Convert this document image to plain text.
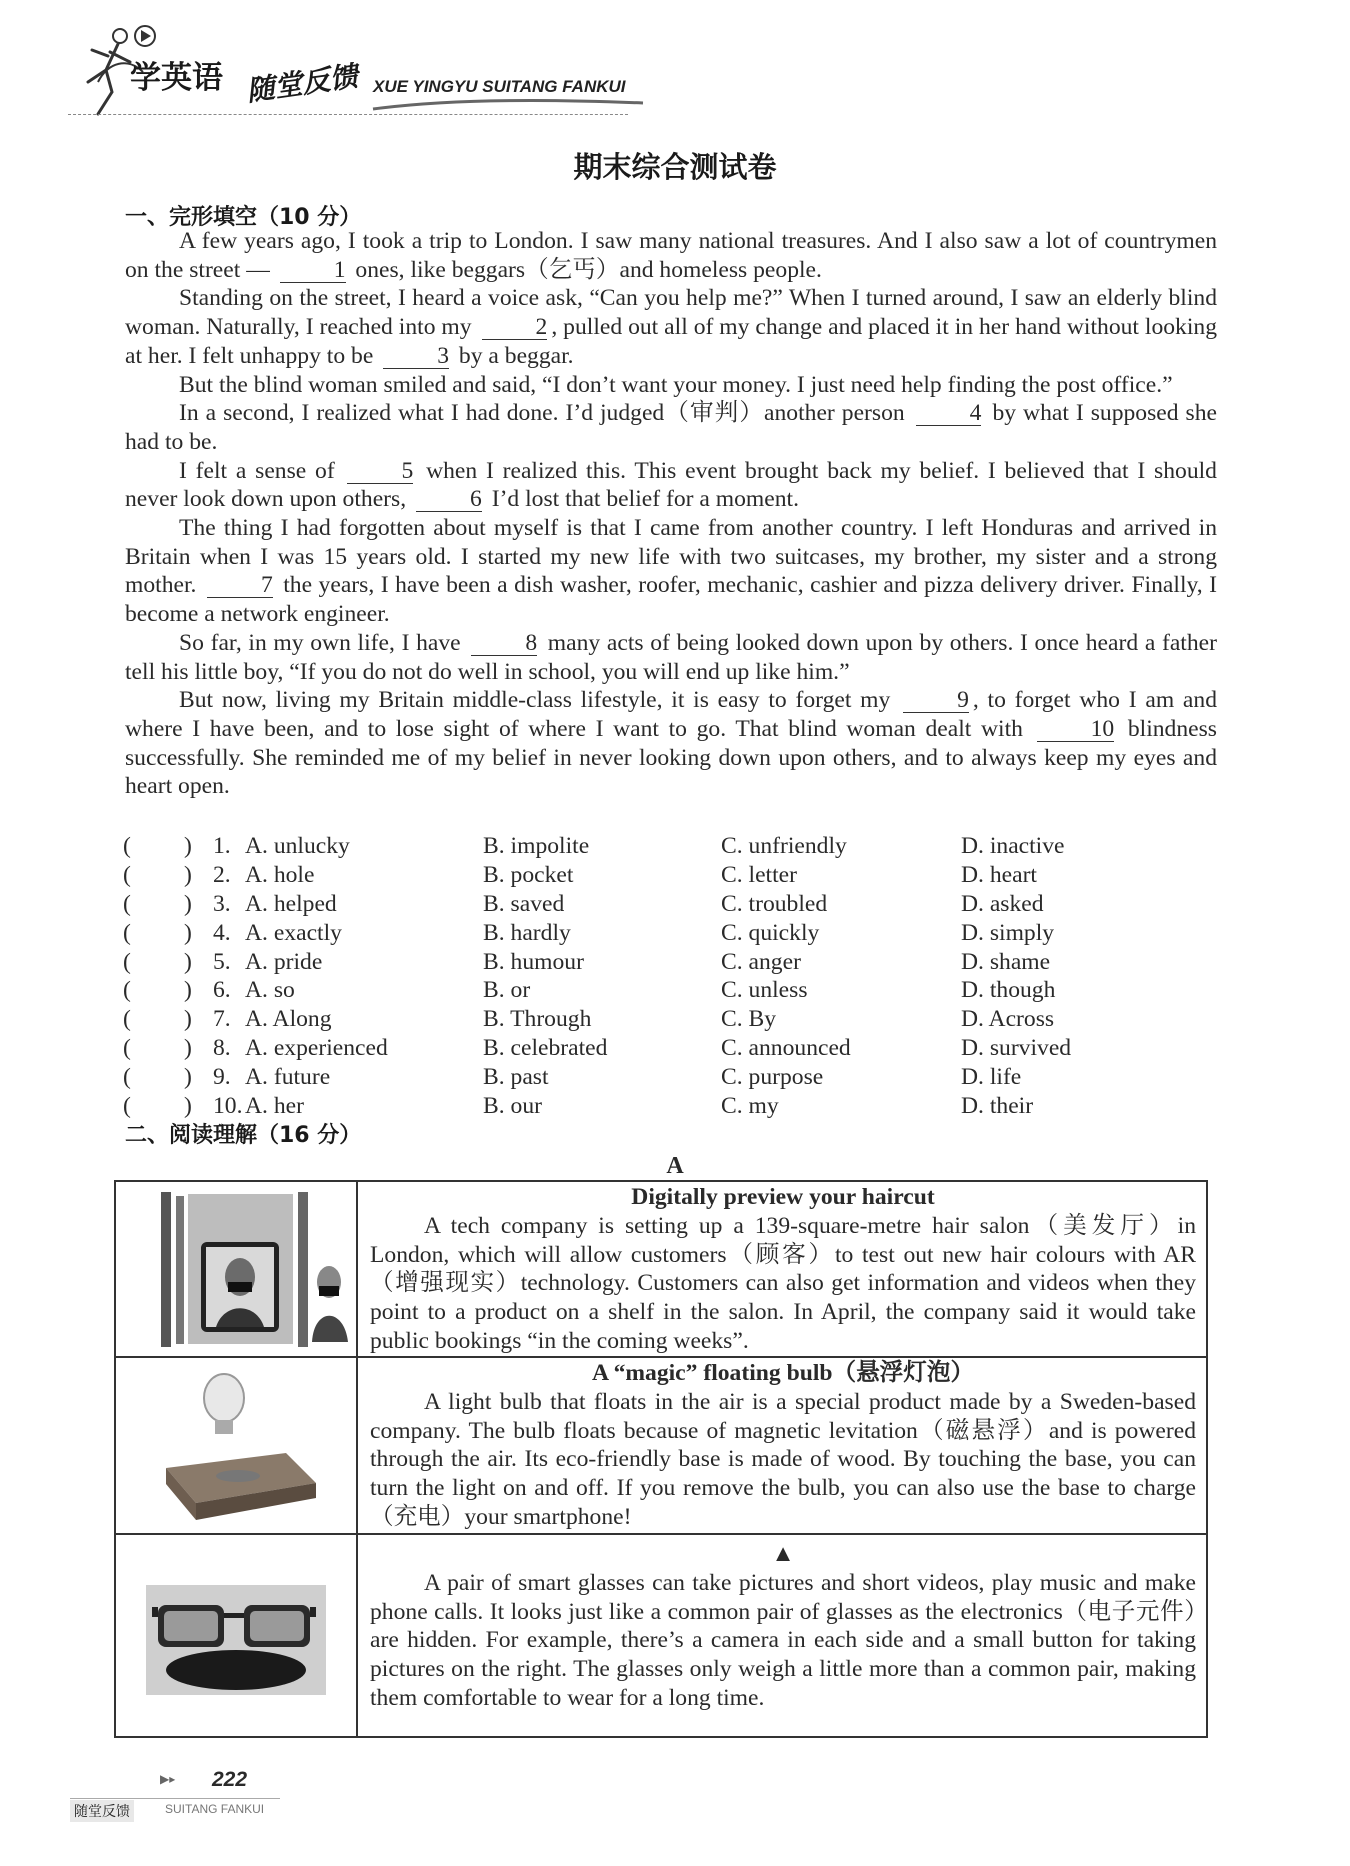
学英语 随堂反馈 XUE YINGYU SUITANG FANKUI
期末综合测试卷
一、完形填空（10 分）

A few years ago, I took a trip to London. I saw many national treasures. And I also saw a lot of countrymen on the street — 1 ones, like beggars（乞丐）and homeless people.

Standing on the street, I heard a voice ask, “Can you help me?” When I turned around, I saw an elderly blind woman. Naturally, I reached into my 2 , pulled out all of my change and placed it in her hand without looking at her. I felt unhappy to be 3 by a beggar.

But the blind woman smiled and said, “I don’t want your money. I just need help finding the post office.”

In a second, I realized what I had done. I’d judged（审判）another person 4 by what I supposed she had to be.

I felt a sense of 5 when I realized this. This event brought back my belief. I believed that I should never look down upon others, 6 I’d lost that belief for a moment.

The thing I had forgotten about myself is that I came from another country. I left Honduras and arrived in Britain when I was 15 years old. I started my new life with two suitcases, my brother, my sister and a strong mother. 7 the years, I have been a dish washer, roofer, mechanic, cashier and pizza delivery driver. Finally, I become a network engineer.

So far, in my own life, I have 8 many acts of being looked down upon by others. I once heard a father tell his little boy, “If you do not do well in school, you will end up like him.”

But now, living my Britain middle-class lifestyle, it is easy to forget my 9 , to forget who I am and where I have been, and to lose sight of where I want to go. That blind woman dealt with 10 blindness successfully. She reminded me of my belief in never looking down upon others, and to always keep my eyes and heart open.

(         ) 1. A. unlucky	B. impolite	C. unfriendly	D. inactive
(         ) 2. A. hole	B. pocket	C. letter	D. heart
(         ) 3. A. helped	B. saved	C. troubled	D. asked
(         ) 4. A. exactly	B. hardly	C. quickly	D. simply
(         ) 5. A. pride	B. humour	C. anger	D. shame
(         ) 6. A. so	B. or	C. unless	D. though
(         ) 7. A. Along	B. Through	C. By	D. Across
(         ) 8. A. experienced	B. celebrated	C. announced	D. survived
(         ) 9. A. future	B. past	C. purpose	D. life
(         ) 10. A. her	B. our	C. my	D. their
二、阅读理解（16 分）
A
Digitally preview your haircut

A tech company is setting up a 139-square-metre hair salon（美发厅）in London, which will allow customers（顾客）to test out new hair colours with AR（增强现实）technology. Customers can also get information and videos when they point to a product on a shelf in the salon. In April, the company said it would take public bookings “in the coming weeks”.

A “magic” floating bulb（悬浮灯泡）

A light bulb that floats in the air is a special product made by a Sweden-based company. The bulb floats because of magnetic levitation（磁悬浮）and is powered through the air. Its eco-friendly base is made of wood. By touching the base, you can turn the light on and off. If you remove the bulb, you can also use the base to charge（充电）your smartphone!

▲

A pair of smart glasses can take pictures and short videos, play music and make phone calls. It looks just like a common pair of glasses as the electronics（电子元件）are hidden. For example, there’s a camera in each side and a small button for taking pictures on the right. The glasses only weigh a little more than a common pair, making them comfortable to wear for a long time.

▶▸ 222
随堂反馈	SUITANG FANKUI
